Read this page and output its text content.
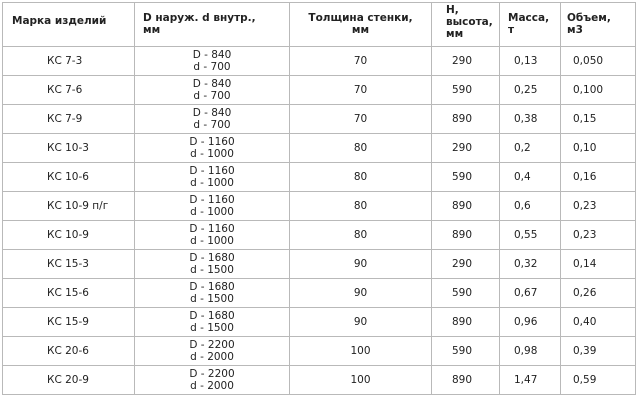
Марка изделий	D наруж. d внутр.,
мм	Толщина стенки,
мм	Н,
высота,
мм	Масса,
т	Объем,
м3
КС 7-3	D - 840
d - 700	70	290	0,13	0,050
КС 7-6	D - 840
d - 700	70	590	0,25	0,100
КС 7-9	D - 840
d - 700	70	890	0,38	0,15
КС 10-3	D - 1160
d - 1000	80	290	0,2	0,10
КС 10-6	D - 1160
d - 1000	80	590	0,4	0,16
КС 10-9 п/г	D - 1160
d - 1000	80	890	0,6	0,23
КС 10-9	D - 1160
d - 1000	80	890	0,55	0,23
КС 15-3	D - 1680
d - 1500	90	290	0,32	0,14
КС 15-6	D - 1680
d - 1500	90	590	0,67	0,26
КС 15-9	D - 1680
d - 1500	90	890	0,96	0,40
КС 20-6	D - 2200
d - 2000	100	590	0,98	0,39
КС 20-9	D - 2200
d - 2000	100	890	1,47	0,59
